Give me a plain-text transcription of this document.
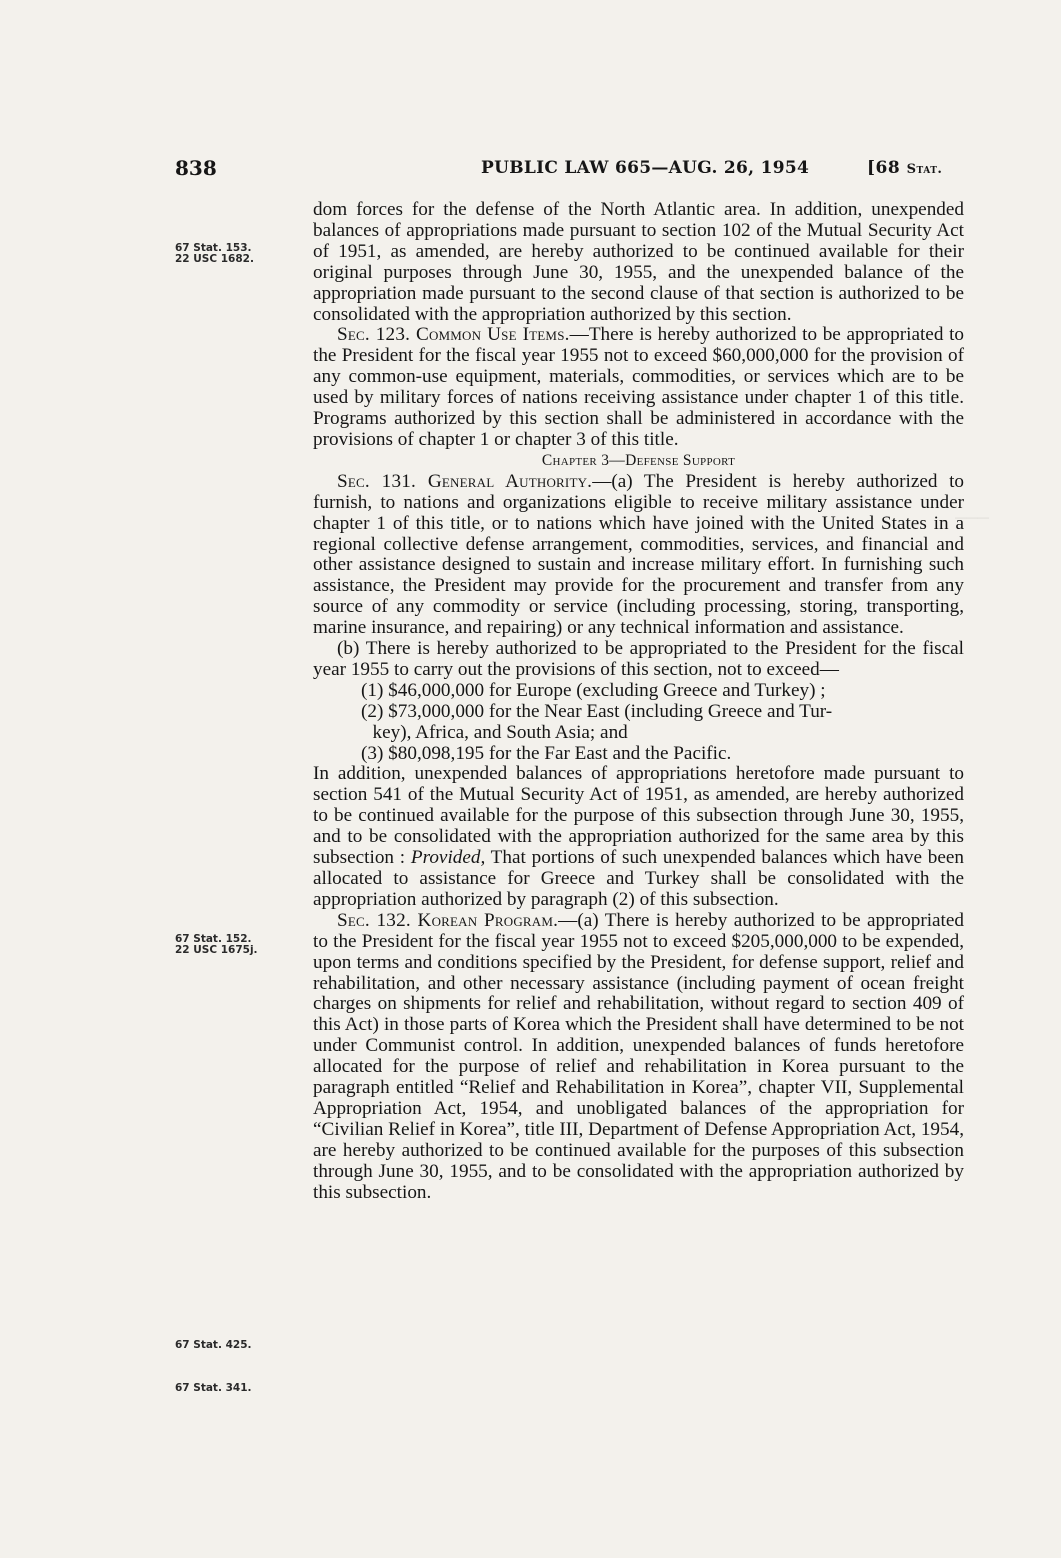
───
838	PUBLIC LAW 665—AUG. 26, 1954	[68 Stat.
67 Stat. 153.
22 USC 1682.
67 Stat. 152.
22 USC 1675j.
67 Stat. 425.
67 Stat. 341.

dom forces for the defense of the North Atlantic area. In addition, unexpended balances of appropriations made pursuant to section 102 of the Mutual Security Act of 1951, as amended, are hereby authorized to be continued available for their original purposes through June 30, 1955, and the unexpended balance of the appropriation made pursuant to the second clause of that section is authorized to be consolidated with the appropriation authorized by this section.

Sec. 123. Common Use Items.—There is hereby authorized to be appropriated to the President for the fiscal year 1955 not to exceed $60,000,000 for the provision of any common-use equipment, materials, commodities, or services which are to be used by military forces of nations receiving assistance under chapter 1 of this title. Programs authorized by this section shall be administered in accordance with the provisions of chapter 1 or chapter 3 of this title.

Chapter 3—Defense Support

Sec. 131. General Authority.—(a) The President is hereby authorized to furnish, to nations and organizations eligible to receive military assistance under chapter 1 of this title, or to nations which have joined with the United States in a regional collective defense arrangement, commodities, services, and financial and other assistance designed to sustain and increase military effort. In furnishing such assistance, the President may provide for the procurement and transfer from any source of any commodity or service (including processing, storing, transporting, marine insurance, and repairing) or any technical information and assistance.

(b) There is hereby authorized to be appropriated to the President for the fiscal year 1955 to carry out the provisions of this section, not to exceed—

(1) $46,000,000 for Europe (excluding Greece and Turkey) ;

(2) $73,000,000 for the Near East (including Greece and Tur-

key), Africa, and South Asia; and

(3) $80,098,195 for the Far East and the Pacific.

In addition, unexpended balances of appropriations heretofore made pursuant to section 541 of the Mutual Security Act of 1951, as amended, are hereby authorized to be continued available for the purpose of this subsection through June 30, 1955, and to be consolidated with the appropriation authorized for the same area by this subsection : Provided, That portions of such unexpended balances which have been allocated to assistance for Greece and Turkey shall be consolidated with the appropriation authorized by paragraph (2) of this subsection.

Sec. 132. Korean Program.—(a) There is hereby authorized to be appropriated to the President for the fiscal year 1955 not to exceed $205,000,000 to be expended, upon terms and conditions specified by the President, for defense support, relief and rehabilitation, and other necessary assistance (including payment of ocean freight charges on shipments for relief and rehabilitation, without regard to section 409 of this Act) in those parts of Korea which the President shall have determined to be not under Communist control. In addition, unexpended balances of funds heretofore allocated for the purpose of relief and rehabilitation in Korea pursuant to the paragraph entitled “Relief and Rehabilitation in Korea”, chapter VII, Supplemental Appropriation Act, 1954, and unobligated balances of the appropriation for “Civilian Relief in Korea”, title III, Department of Defense Appropriation Act, 1954, are hereby authorized to be continued available for the purposes of this subsection through June 30, 1955, and to be consolidated with the appropriation authorized by this subsection.
